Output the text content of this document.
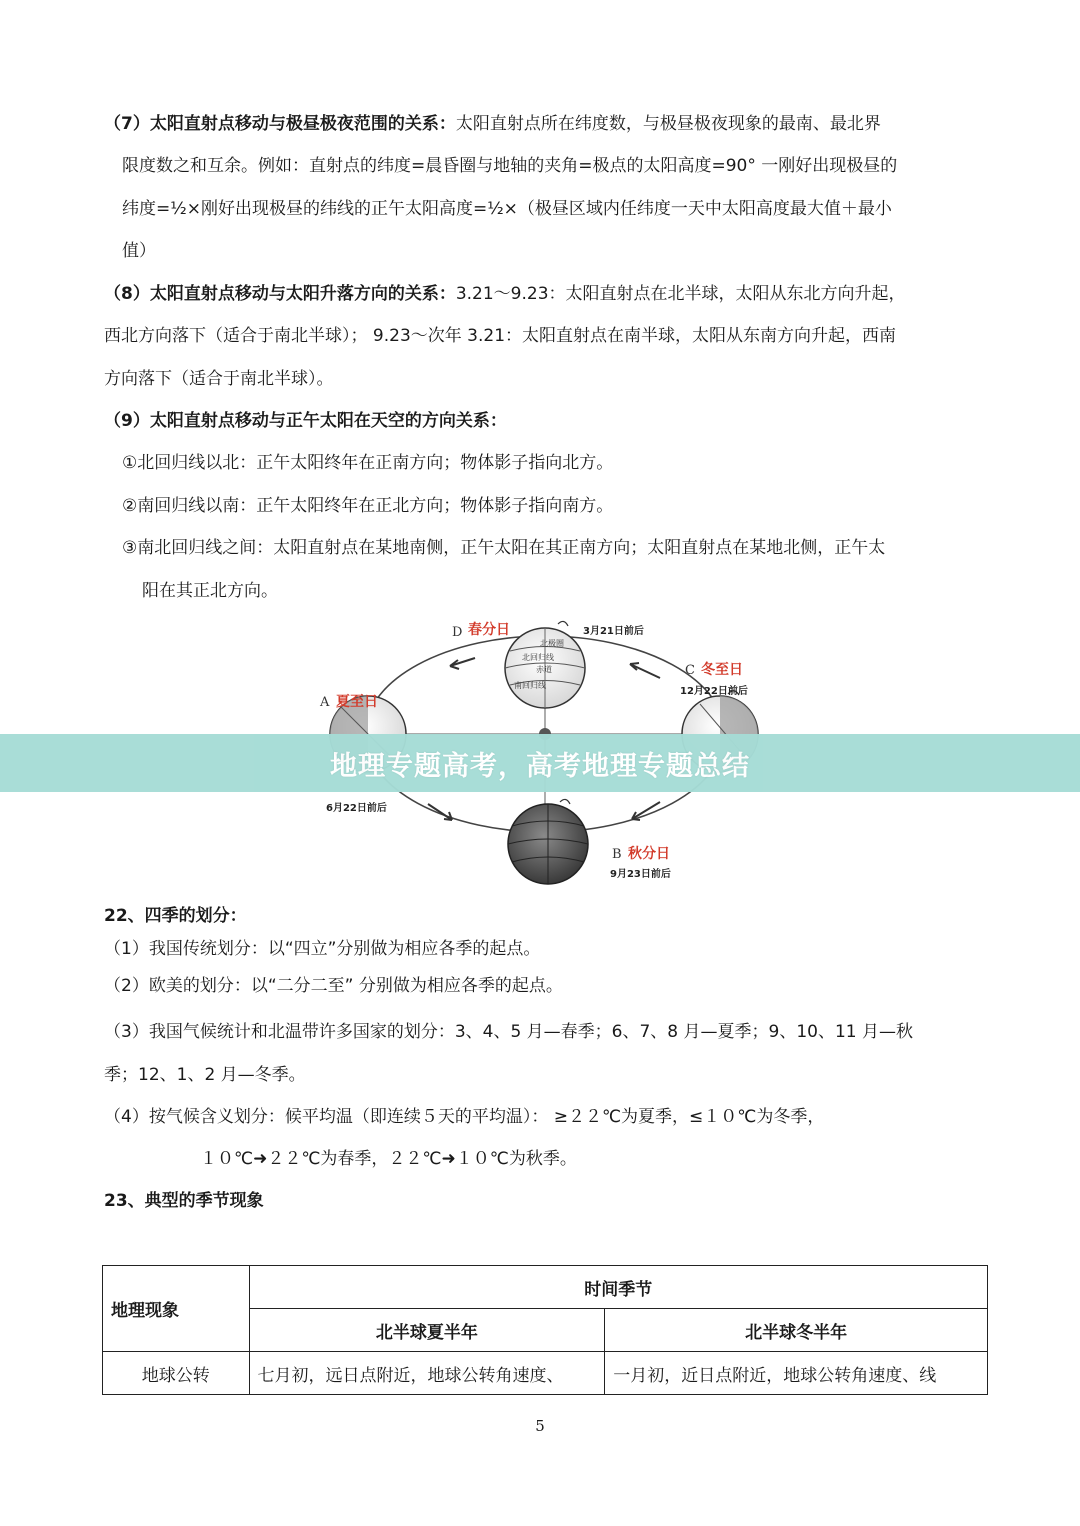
（7）太阳直射点移动与极昼极夜范围的关系：太阳直射点所在纬度数，与极昼极夜现象的最南、最北界
限度数之和互余。例如：直射点的纬度=晨昏圈与地轴的夹角=极点的太阳高度=90° 一刚好出现极昼的
纬度=½×刚好出现极昼的纬线的正午太阳高度=½×（极昼区域内任纬度一天中太阳高度最大值＋最小
值）
（8）太阳直射点移动与太阳升落方向的关系：3.21～9.23：太阳直射点在北半球，太阳从东北方向升起，
西北方向落下（适合于南北半球）； 9.23～次年 3.21：太阳直射点在南半球，太阳从东南方向升起，西南
方向落下（适合于南北半球）。
（9）太阳直射点移动与正午太阳在天空的方向关系：
①北回归线以北：正午太阳终年在正南方向；物体影子指向北方。
②南回归线以南：正午太阳终年在正北方向；物体影子指向南方。
③南北回归线之间：太阳直射点在某地南侧，正午太阳在其正南方向；太阳直射点在某地北侧，正午太
阳在其正北方向。
北极圈
北回归线
赤道
南回归线
D 春分日	3月21日前后
A 夏至日
6月22日前后
C 冬至日
12月22日前后
B 秋分日
9月23日前后
地理专题高考，高考地理专题总结
22、四季的划分：
（1）我国传统划分：以“四立”分别做为相应各季的起点。
（2）欧美的划分：以“二分二至” 分别做为相应各季的起点。
（3）我国气候统计和北温带许多国家的划分：3、4、5 月—春季；6、7、8 月—夏季；9、10、11 月—秋
季；12、1、2 月—冬季。
（4）按气候含义划分：候平均温（即连续５天的平均温）： ≥２２℃为夏季，≤１０℃为冬季，
１０℃➜２２℃为春季，２２℃➜１０℃为秋季。
23、典型的季节现象
地理现象	时间季节	
	北半球夏半年	北半球冬半年
地球公转	七月初，远日点附近，地球公转角速度、	一月初，近日点附近，地球公转角速度、线
5
